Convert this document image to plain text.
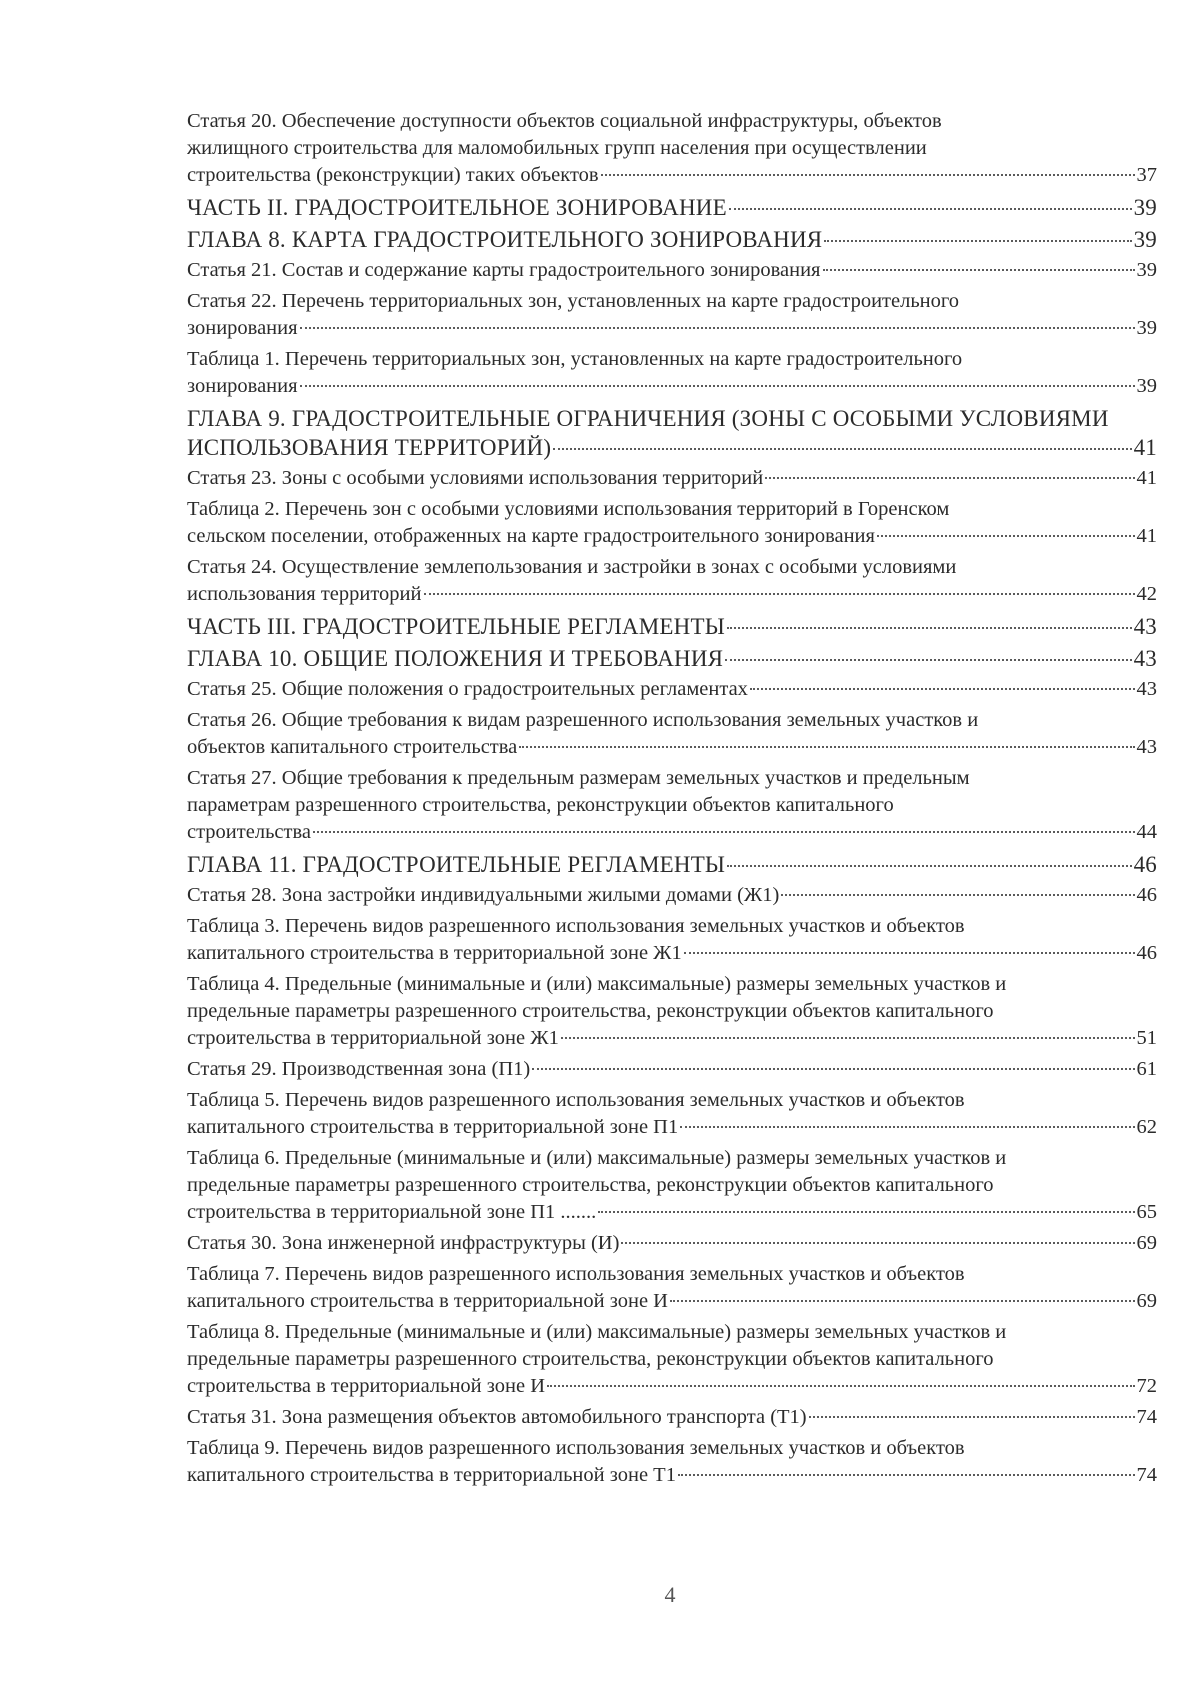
Статья 20. Обеспечение доступности объектов социальной инфраструктуры, объектов
жилищного строительства для маломобильных групп населения при осуществлении
строительства (реконструкции) таких объектов	37
ЧАСТЬ II. ГРАДОСТРОИТЕЛЬНОЕ ЗОНИРОВАНИЕ	39
ГЛАВА 8. КАРТА ГРАДОСТРОИТЕЛЬНОГО ЗОНИРОВАНИЯ	39
Статья 21. Состав и содержание карты градостроительного зонирования	39
Статья 22. Перечень территориальных зон, установленных на карте градостроительного
зонирования	39
Таблица 1. Перечень территориальных зон, установленных на карте градостроительного
зонирования	39
ГЛАВА 9. ГРАДОСТРОИТЕЛЬНЫЕ ОГРАНИЧЕНИЯ (ЗОНЫ С ОСОБЫМИ УСЛОВИЯМИ
ИСПОЛЬЗОВАНИЯ ТЕРРИТОРИЙ)	41
Статья 23. Зоны с особыми условиями использования территорий	41
Таблица 2. Перечень зон с особыми условиями использования территорий в Горенском
сельском поселении, отображенных на карте градостроительного зонирования	41
Статья 24. Осуществление землепользования и застройки в зонах с особыми условиями
использования территорий	42
ЧАСТЬ III. ГРАДОСТРОИТЕЛЬНЫЕ РЕГЛАМЕНТЫ	43
ГЛАВА 10. ОБЩИЕ ПОЛОЖЕНИЯ И ТРЕБОВАНИЯ	43
Статья 25. Общие положения о градостроительных регламентах	43
Статья 26. Общие требования к видам разрешенного использования земельных участков и
объектов капитального строительства	43
Статья 27. Общие требования к предельным размерам земельных участков и предельным
параметрам разрешенного строительства, реконструкции объектов капитального
строительства	44
ГЛАВА 11. ГРАДОСТРОИТЕЛЬНЫЕ РЕГЛАМЕНТЫ	46
Статья 28. Зона застройки индивидуальными жилыми домами (Ж1)	46
Таблица 3. Перечень видов разрешенного использования земельных участков и объектов
капитального строительства в территориальной зоне Ж1	46
Таблица 4. Предельные (минимальные и (или) максимальные) размеры земельных участков и
предельные параметры разрешенного строительства, реконструкции объектов капитального
строительства в территориальной зоне Ж1	51
Статья 29. Производственная зона (П1)	61
Таблица 5. Перечень видов разрешенного использования земельных участков и объектов
капитального строительства в территориальной зоне П1	62
Таблица 6. Предельные (минимальные и (или) максимальные) размеры земельных участков и
предельные параметры разрешенного строительства, реконструкции объектов капитального
строительства в территориальной зоне П1 .......	65
Статья 30. Зона инженерной инфраструктуры (И)	69
Таблица 7. Перечень видов разрешенного использования земельных участков и объектов
капитального строительства в территориальной зоне И	69
Таблица 8. Предельные (минимальные и (или) максимальные) размеры земельных участков и
предельные параметры разрешенного строительства, реконструкции объектов капитального
строительства в территориальной зоне И	72
Статья 31. Зона размещения объектов автомобильного транспорта (Т1)	74
Таблица 9. Перечень видов разрешенного использования земельных участков и объектов
капитального строительства в территориальной зоне Т1	74
4
